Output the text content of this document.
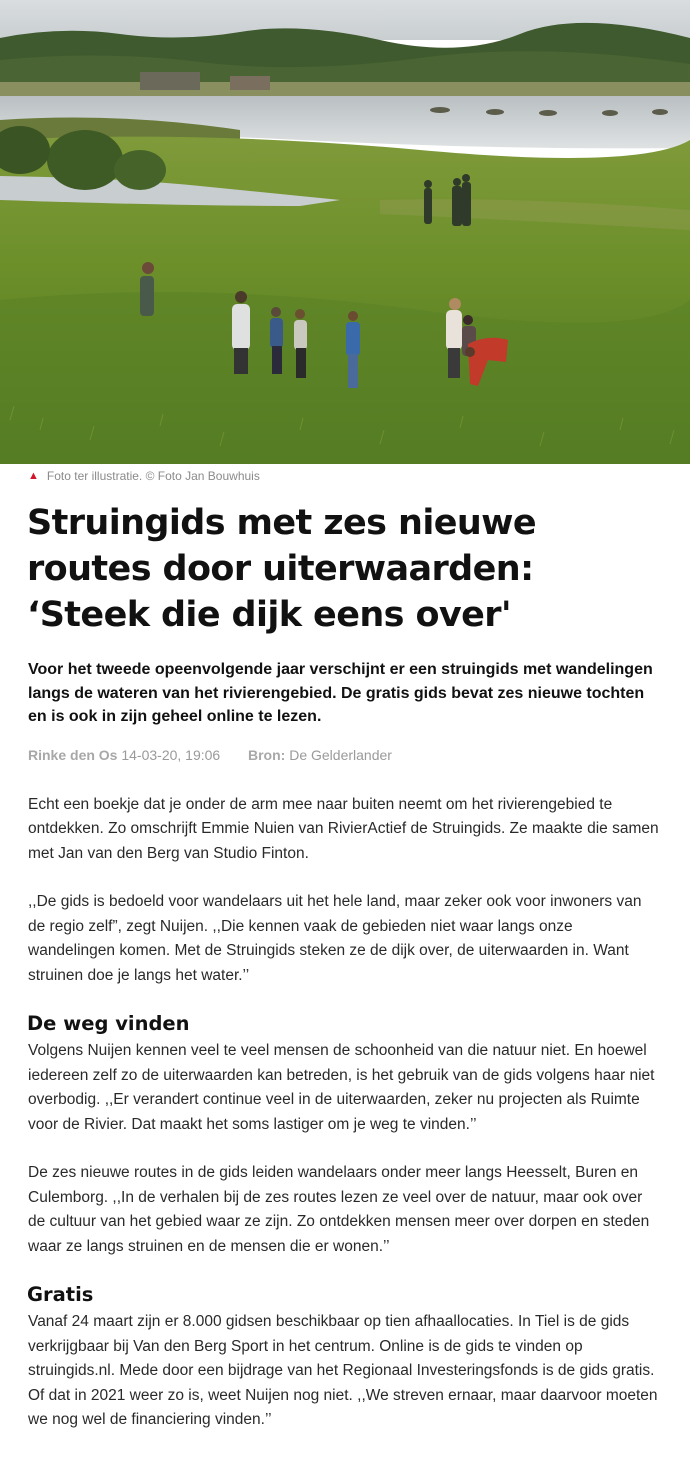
▲ Foto ter illustratie. © Foto Jan Bouwhuis
Struingids met zes nieuwe routes door uiterwaarden: ‘Steek die dijk eens over'

Voor het tweede opeenvolgende jaar verschijnt er een struingids met wandelingen langs de wateren van het rivierengebied. De gratis gids bevat zes nieuwe tochten en is ook in zijn geheel online te lezen.

Rinke den Os 14-03-20, 19:06 Bron: De Gelderlander

Echt een boekje dat je onder de arm mee naar buiten neemt om het rivierengebied te ontdekken. Zo omschrijft Emmie Nuien van RivierActief de Struingids. Ze maakte die samen met Jan van den Berg van Studio Finton.

,,De gids is bedoeld voor wandelaars uit het hele land, maar zeker ook voor inwoners van de regio zelf”, zegt Nuijen. ,,Die kennen vaak de gebieden niet waar langs onze wandelingen komen. Met de Struingids steken ze de dijk over, de uiterwaarden in. Want struinen doe je langs het water.’’

De weg vinden

Volgens Nuijen kennen veel te veel mensen de schoonheid van die natuur niet. En hoewel iedereen zelf zo de uiterwaarden kan betreden, is het gebruik van de gids volgens haar niet overbodig. ,,Er verandert continue veel in de uiterwaarden, zeker nu projecten als Ruimte voor de Rivier. Dat maakt het soms lastiger om je weg te vinden.’’

De zes nieuwe routes in de gids leiden wandelaars onder meer langs Heesselt, Buren en Culemborg. ,,In de verhalen bij de zes routes lezen ze veel over de natuur, maar ook over de cultuur van het gebied waar ze zijn. Zo ontdekken mensen meer over dorpen en steden waar ze langs struinen en de mensen die er wonen.’’

Gratis

Vanaf 24 maart zijn er 8.000 gidsen beschikbaar op tien afhaallocaties. In Tiel is de gids verkrijgbaar bij Van den Berg Sport in het centrum. Online is de gids te vinden op struingids.nl. Mede door een bijdrage van het Regionaal Investeringsfonds is de gids gratis. Of dat in 2021 weer zo is, weet Nuijen nog niet. ,,We streven ernaar, maar daarvoor moeten we nog wel de financiering vinden.’’
